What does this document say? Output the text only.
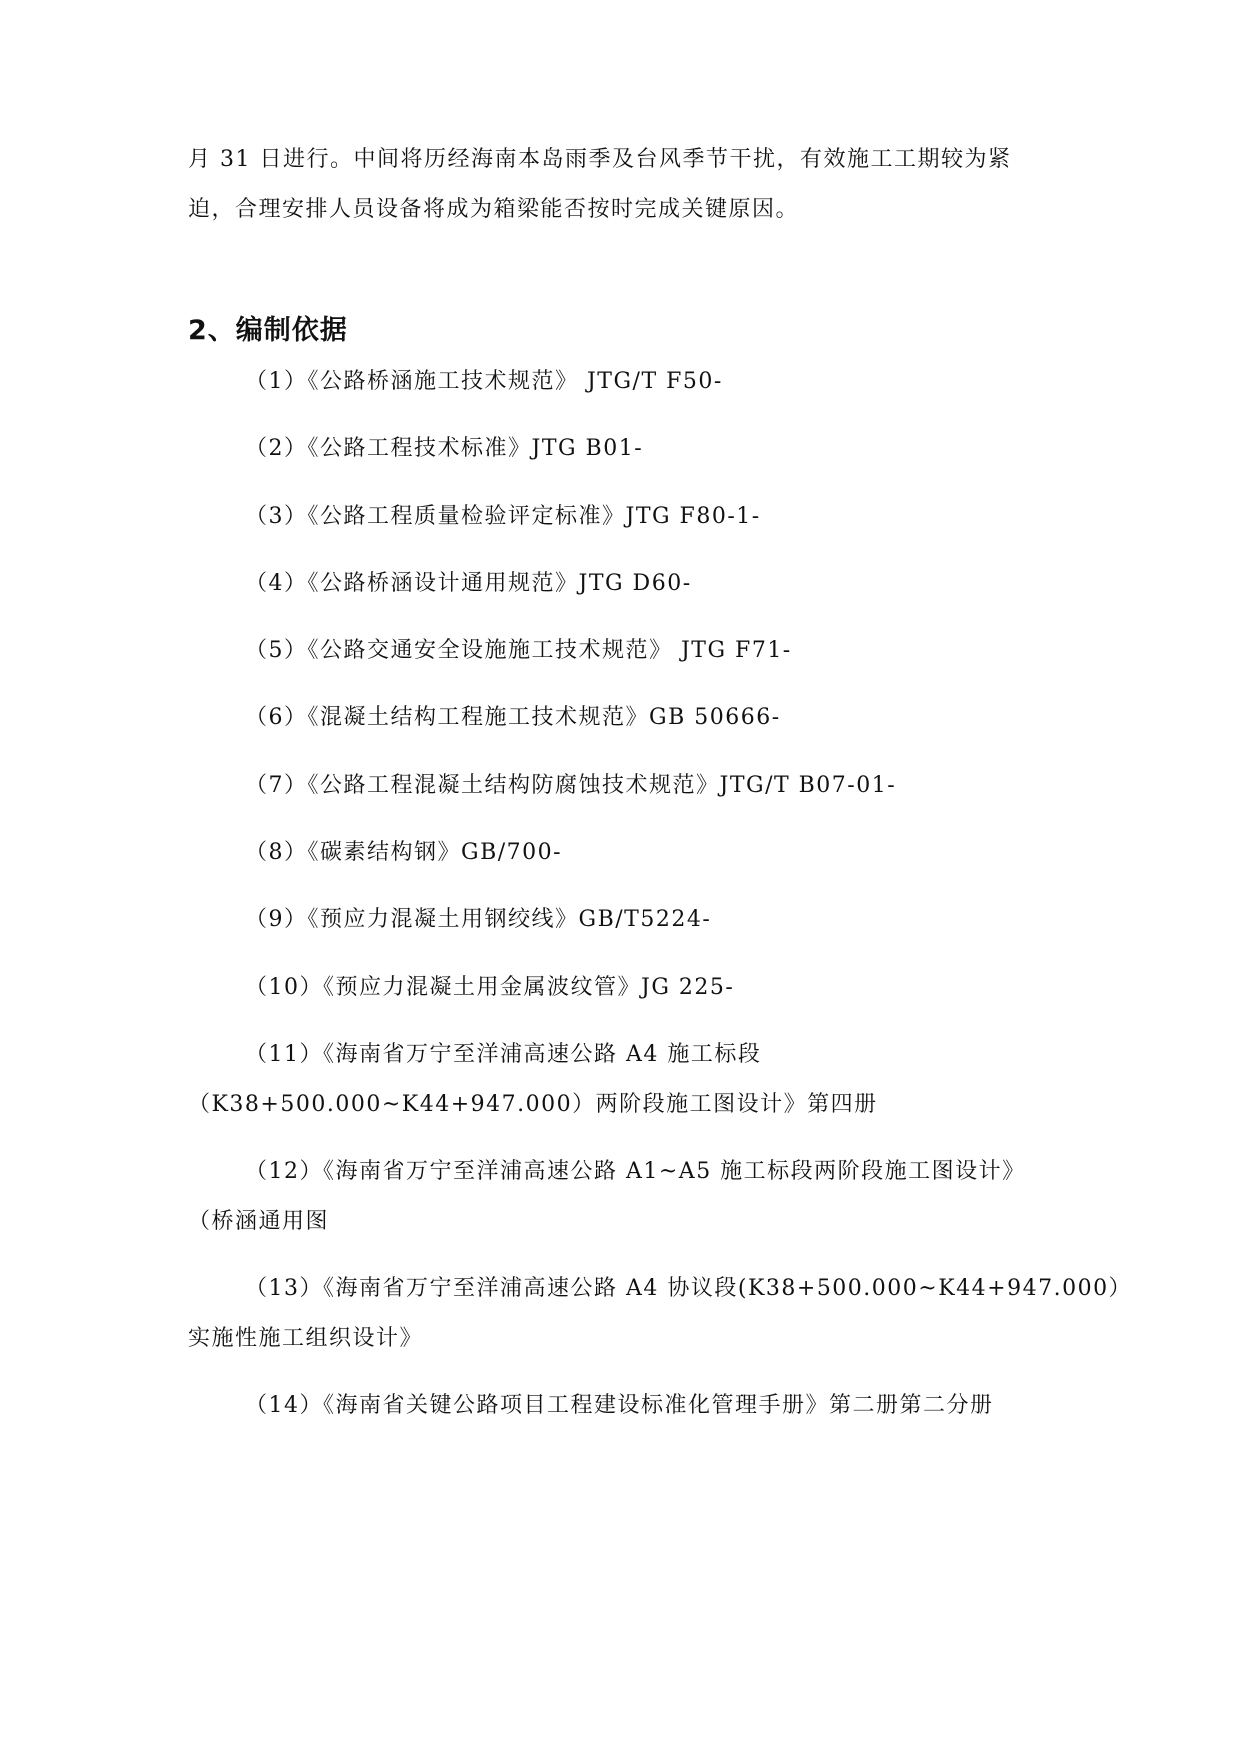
月 31 日进行。中间将历经海南本岛雨季及台风季节干扰，有效施工工期较为紧
迫，合理安排人员设备将成为箱梁能否按时完成关键原因。
2、编制依据
（1）《公路桥涵施工技术规范》 JTG/T F50-
（2）《公路工程技术标准》JTG B01-
（3）《公路工程质量检验评定标准》JTG F80-1-
（4）《公路桥涵设计通用规范》JTG D60-
（5）《公路交通安全设施施工技术规范》 JTG F71-
（6）《混凝土结构工程施工技术规范》GB 50666-
（7）《公路工程混凝土结构防腐蚀技术规范》JTG/T B07-01-
（8）《碳素结构钢》GB/700-
（9）《预应力混凝土用钢绞线》GB/T5224-
（10）《预应力混凝土用金属波纹管》JG 225-
（11）《海南省万宁至洋浦高速公路 A4 施工标段
（K38+500.000~K44+947.000）两阶段施工图设计》第四册
（12）《海南省万宁至洋浦高速公路 A1~A5 施工标段两阶段施工图设计》
（桥涵通用图
（13）《海南省万宁至洋浦高速公路 A4 协议段(K38+500.000~K44+947.000）
实施性施工组织设计》
（14）《海南省关键公路项目工程建设标准化管理手册》第二册第二分册
